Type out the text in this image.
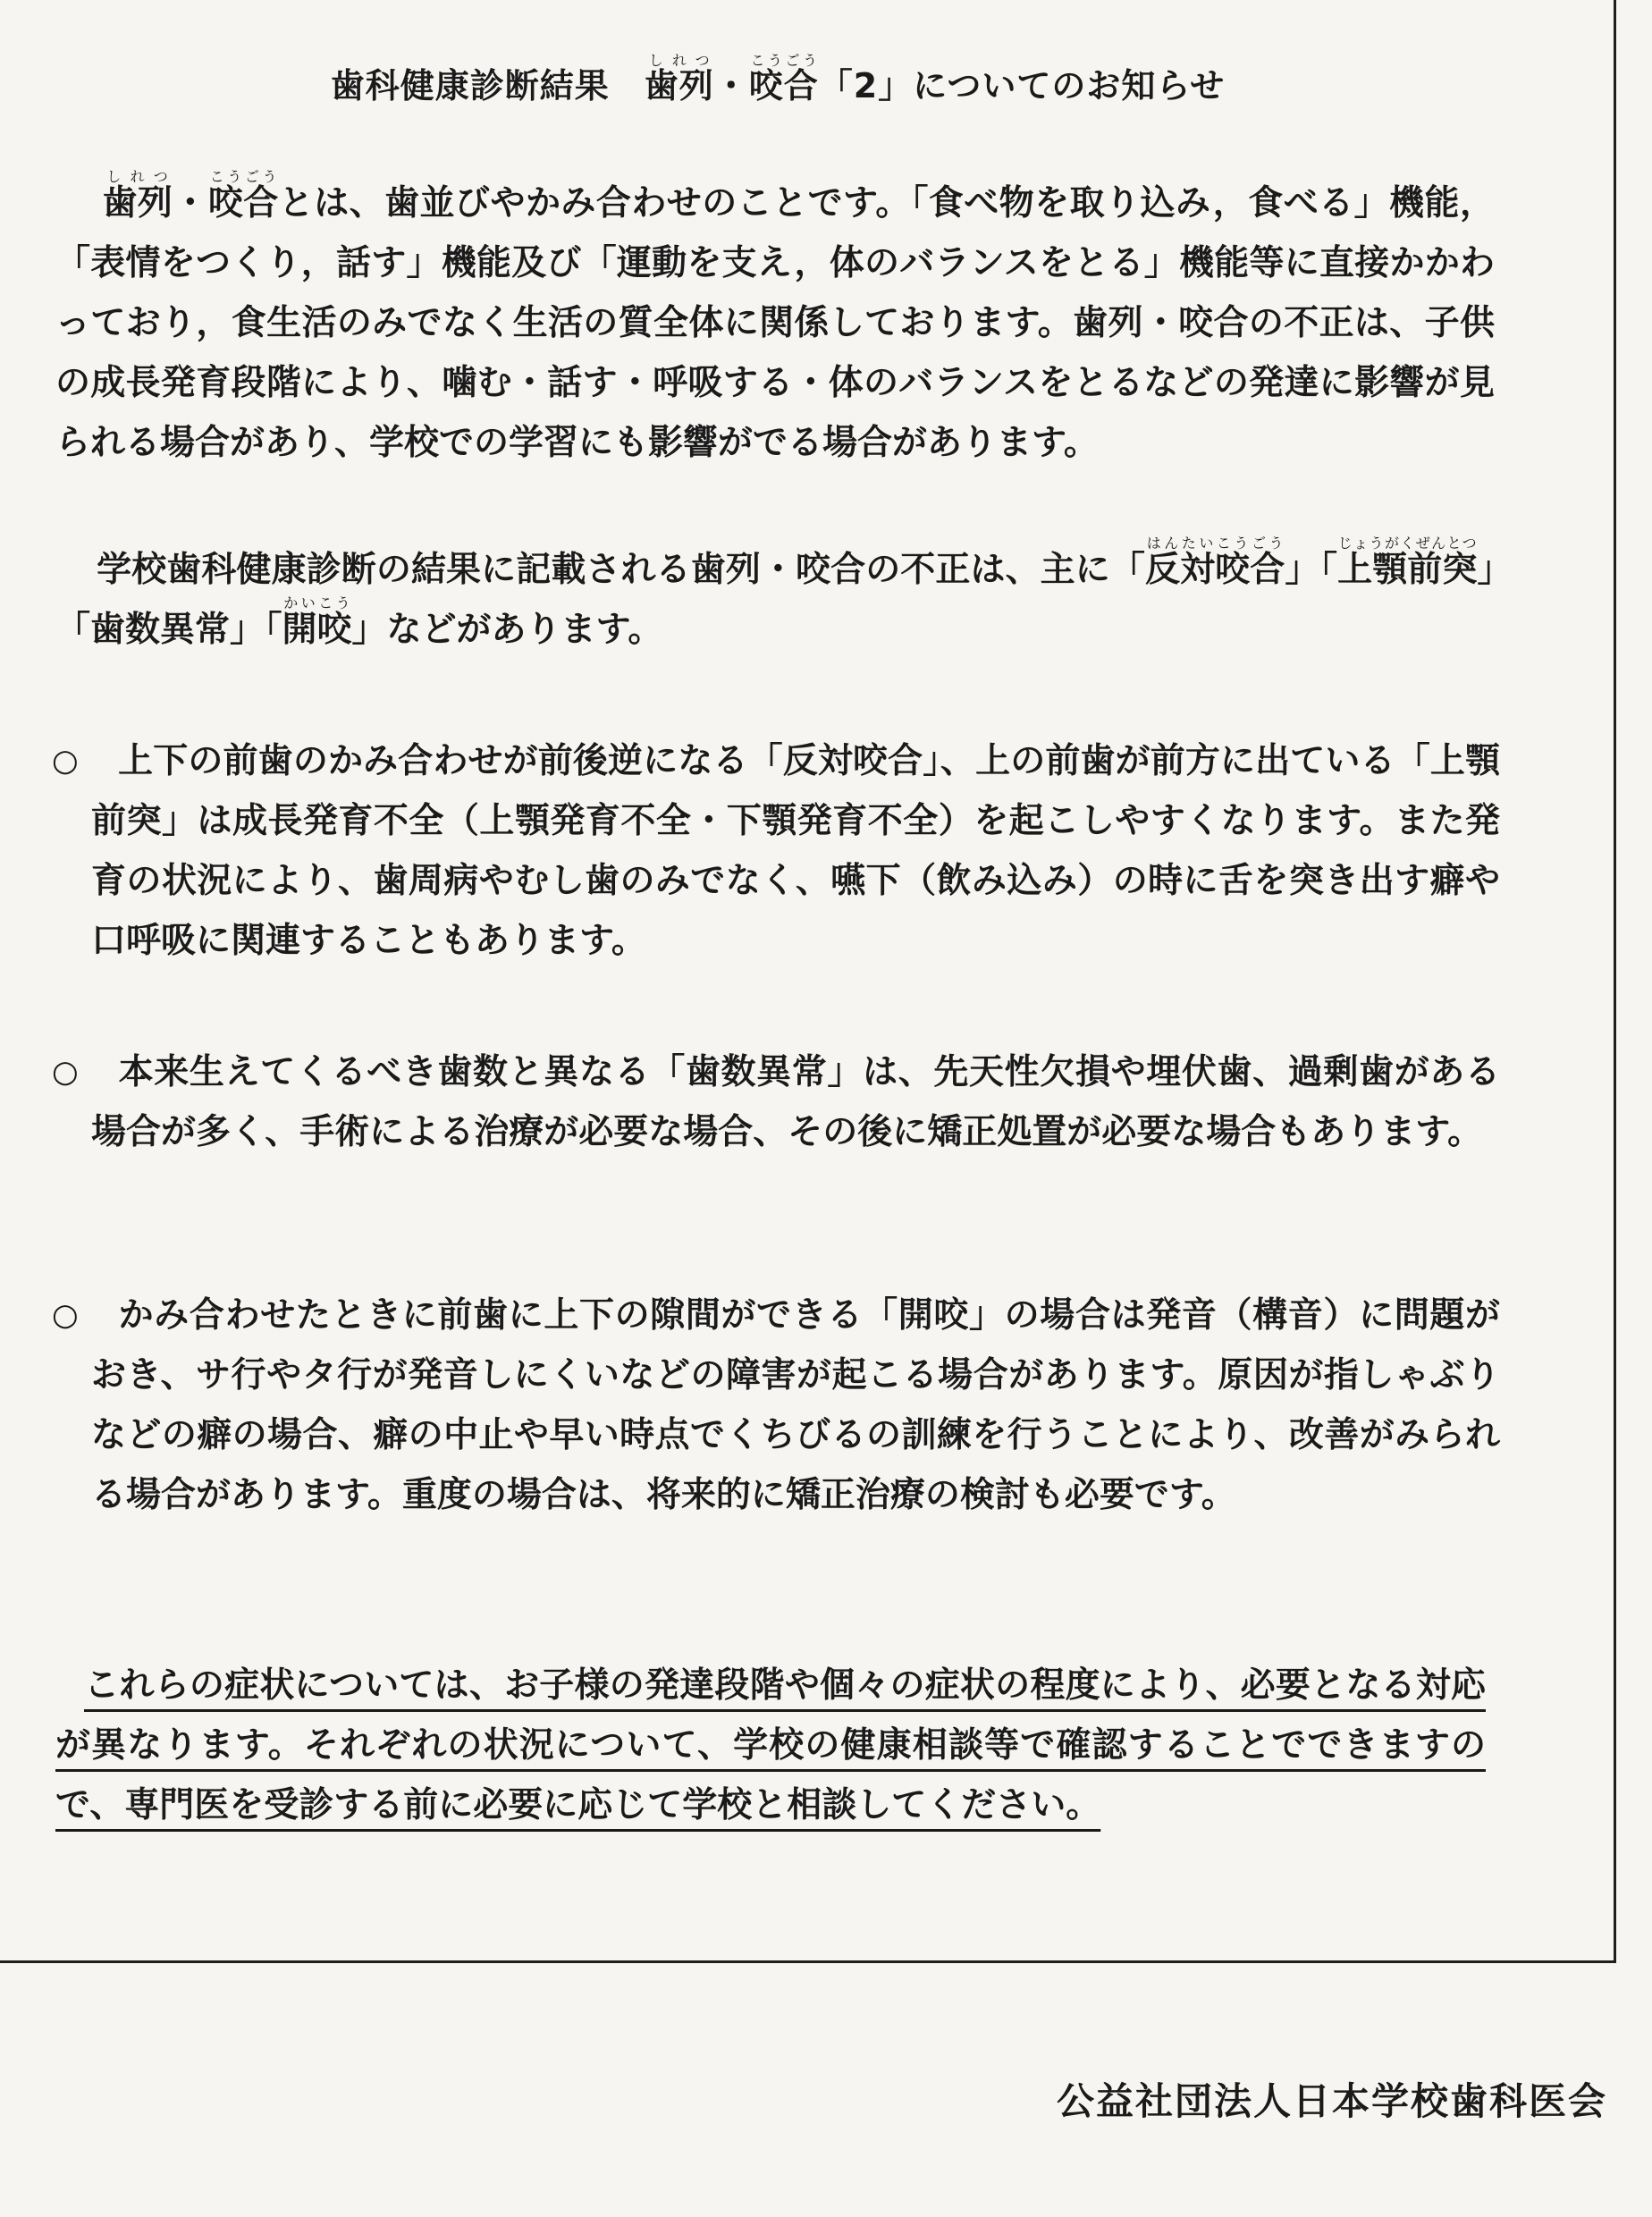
歯科健康診断結果　歯列しれつ・咬合こうごう「2」についてのお知らせ

歯列しれつ・咬合こうごうとは、歯並びやかみ合わせのことです。「食べ物を取り込み，食べる」機能，「表情をつくり，話す」機能及び「運動を支え，体のバランスをとる」機能等に直接かかわっており，食生活のみでなく生活の質全体に関係しております。歯列・咬合の不正は、子供の成長発育段階により、噛む・話す・呼吸する・体のバランスをとるなどの発達に影響が見られる場合があり、学校での学習にも影響がでる場合があります。

学校歯科健康診断の結果に記載される歯列・咬合の不正は、主に「反対咬合はんたいこうごう」「上顎前突じょうがくぜんとつ」「歯数異常」「開咬かいこう」などがあります。

○	上下の前歯のかみ合わせが前後逆になる「反対咬合」、上の前歯が前方に出ている「上顎前突」は成長発育不全（上顎発育不全・下顎発育不全）を起こしやすくなります。また発育の状況により、歯周病やむし歯のみでなく、嚥下（飲み込み）の時に舌を突き出す癖や口呼吸に関連することもあります。
○	本来生えてくるべき歯数と異なる「歯数異常」は、先天性欠損や埋伏歯、過剰歯がある場合が多く、手術による治療が必要な場合、その後に矯正処置が必要な場合もあります。
○	かみ合わせたときに前歯に上下の隙間ができる「開咬」の場合は発音（構音）に問題がおき、サ行やタ行が発音しにくいなどの障害が起こる場合があります。原因が指しゃぶりなどの癖の場合、癖の中止や早い時点でくちびるの訓練を行うことにより、改善がみられる場合があります。重度の場合は、将来的に矯正治療の検討も必要です。

これらの症状については、お子様の発達段階や個々の症状の程度により、必要となる対応が異なります。それぞれの状況について、学校の健康相談等で確認することでできますので、専門医を受診する前に必要に応じて学校と相談してください。

公益社団法人日本学校歯科医会
